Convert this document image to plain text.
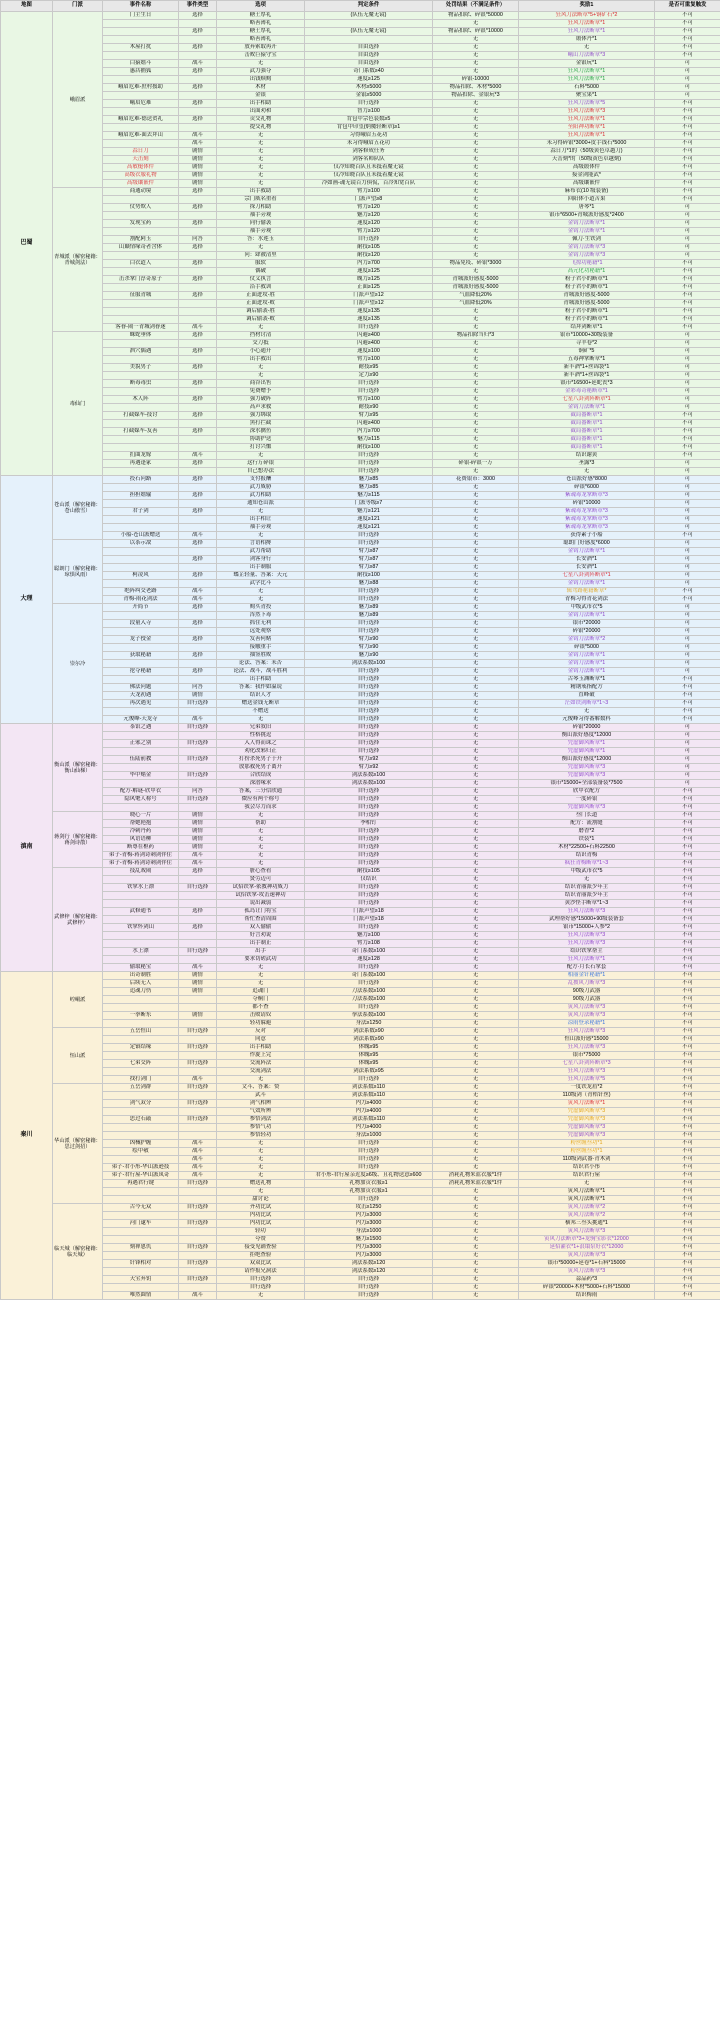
地图	门派	事件名称	事件类型	选项	判定条件	处罚结果（不满足条件）	奖励1	是否可重复触发
巴蜀	峨眉派	门主生日	选择	糖土厚礼	(队伍无魔无镜)	物品扣除、碎银*50000	狂风刀法断章*5+铜矿石*2	不可
				略善薄礼		无	狂风刀法断章*1	不可
			选择	糖土厚礼	(队伍无魔无镜)	物品扣除、碎银*10000	狂风刀法断章*1	不可
				略善薄礼		无	锻体丹*1	不可
		木屋打扰	选择	放弃索取再开	自由选择	无	无	不可
				击败巨猿守宝	自由选择	无	峨山刀法断章*3	不可
		白猿嬉斗	战斗	无	自由选择	无	金银玩*1	可
		惠店捕狐	选择	武力强夺	奇门系数≥40	无	狂风刀法断章*1	可
				出钱赎购	速度≥125	碎银-10000	狂风刀法断章*1	可
		峨眉危难-庶村援助	选择	木材	木材≥5000	物品扣除、木材*5000	石料*5000	可
				金银	金银≥5000	物品扣除、金银玩*3	聚宝果*1	可
		峨眉危难	选择	出手相助	自行选择	无	狂风刀法断章*5	不可
				出面劝和	智力≥100	无	狂风刀法断章*3	不可
		峨眉危难-德送贺礼	选择	贡交礼物	背包中宗色装数≥5	无	狂风刀法断章*1	不可
				提交礼物	背包中印玺(炳魔轻断章)≥1	无	至阳神功断章*1	不可
		峨眉危难-面去拜山	战斗	无	习得峨眉五花功	无	狂风刀法断章*1	不可
			战斗	无	未习得峨眉五花功	无	未习得碎银*3000+皮手钱石*5000	不可
		蒜日刀	剧情	无	剑客修成任务	无	蒜日刀*1的（50级黄色卓越刀)	不可
		天击刻	剧情	无	剑客名师队队	无	天击刻*的（50级黄色卓越刻)	不可
		高敏槌体件	剧情	无	仅冷知晓百队且未抵着魔无镜	无	高级锻体件	不可
		高级衣服礼物	剧情	无	仅冷知晓百队且未抵着魔无镜	无	接金剑能武*	不可
		高级镶嵌件	剧情	无	冷如画-魂无镜百力俱侃，百冷知宽百队	无	高级镶嵌件	不可
	青城派（解密秘籍：青城剑法）	商通动境	选择	出手救助	臂力≥100	无	麻布衣(10 级装备)	不可
				宗门威名重看	门派声望≥8	无	回阳体小道苦果	不可
		仗势欺人	选择	探刀相助	臂力≥120	无	唐琴*1	可
				袖手旁观	魅力≥120	无	银币*6500+青城派好感度*2400	可
		发现宝药	选择	同行偷袭	速度≥120	无	金钩刀法断章*1	可
				袖手旁观	臂力≥120	无	金钩刀法断章*1	可
		割配阿玉	问答	答：水莲玉	自行选择	无	佩刀·生铁剑	可
		山巅情缘奇者含体	选择	无	耐技≥105	无	金钩刀法断章*3	可
				问：肆被清里	耐技≥120	无	金钩刀法断章*3	可
		白衣道人	选择	服软	内力≥700	物品免疫、碎银*3000	飞掠功秘籍*1	不可
				偶破	速度≥125	无	高元化功秘籍*1	不可
		击杀掌门淳奇原子	选择	仗义执言	魄力≥125	青城派好感度-5000	粉子君小的断章*1	不可
				沿手救训	正面≥125	青城派好感度-5000	粉子君小的断章*1	不可
		征服青城	选择	正面进攻-胜	门派声望≥12	气血降低20%	青城派好感度-5000	不可
				正面进攻-败	门派声望≥12	气血降低20%	青城派好感度-5000	不可
				调后偷袭-胜	速度≥135	无	粉子君小的断章*1	不可
				调后偷袭-败	速度≥135	无	粉子君小的断章*1	不可
		客眷-闹一青城剑眷迷	战斗	无	自行选择	无	结拜剑断章*1	不可
	毒仙门	蛛蛇垂体	选择	挡材讨清	闪避≥400	物品扣除当归*3	银币*10000+30级装备	可
				交刀抵	闪避≥400	无	寻羊卷*2	可
		泗穴偶遇	选择	小心通开	速度≥100	无	铜矿*5	可
				出手救出	臂力≥100	无	五毒神掌断章*1	可
		美貌男子	选择	无	耐技≥95	无	新丰酒*1+丝锦袋*1	可
				无	定力≥90	无	新丰酒*1+丝锦袋*1	可
		断毒毒虫	选择	商谷出售	自行选择	无	银币*16500+延蛇丧*3	可
				免费赠予	自行选择	无	金彩毒奇秘断章*1	可
		木人阵	选择	强力破阵	臂力≥100	无	七星八卦剑阵断章*1	可
				高声求救	耐技≥90	无	金钩刀法断章*1	可
		打截媒车-技讨	选择	强力绑取	臂力≥95	无	截局器断章*1	不可
				黑打拦截	闪避≥400	无	截局器断章*1	不可
		打截媒车-友善	选择	深水擒鱼	内力≥700	无	截局器断章*1	不可
				协助护送	魅力≥115	无	截局器断章*1	不可
				打讨兴恤	耐技≥100	无	截局器断章*1	不可
		扪曲龙嫁	战斗	无	自行选择	无	结识谢黄	不可
		再遇逢冢	选择	这行万碎银	自行选择	碎银-碎银一万	圣露*3	可
				自己想办法	自行选择	无	无	可
大理	苍山派（解密秘籍：苍山傲雪）	投石问路	选择	支付报酬	魅力≥85	花费银币：3000	苍山派好感*8000	可
				武力威胁	魅力≥85	无	碎银*6000	可
		担担嬉输	选择	武力相助	魅力≥115	无	紫魂毒龙掌断章*3	可
				通知苍山派	门派等级≥7	无	碎银*10000	可
		君子剑	选择	无	魅力≥121	无	紫魂毒龙掌断章*3	可
				出手相让	速度≥121	无	紫魂毒龙掌断章*3	可
				袖手旁观	速度≥121	无	紫魂毒龙掌断章*3	可
		小船-苍山派赠送	战斗	无	自行选择	无	获得素子小船	不可
	聪朗门（解密秘籍：琼惧风雨）	以茶示敌	选择	言语相搀	自行选择	无	聪朗门好感度*6000	可
				武力帮助	臂力≥87	无	金钩刀法断章*1	可
			选择	剑客身行	臂力≥87	无	长安酒*1	可
				出手制服	臂力≥87	无	长安酒*1	可
		柯凌风	选择	蝶芷轻量、答案：天元	耐技≥100	无	七星八卦剑阵断章*1	可
				武学比斗	魅力≥88	无	金钩刀法断章*1	可
		绝阵纠交老路	战斗	无	自行选择	无	辑驾路秘籍断章*	不可
		青梅-雨花剑法	战斗	无	自行选择	无	青梅习得青花剑法	不可
	崇尔冷	开简节	选择	购买青投	魅力≥89	无	中级武市衣*5	可
				浑然下毒	魅力≥89	无	金钩刀法断章*1	可
		段量入寺	选择	抓住无利	自行选择	无	银币*20000	可
				远处观察	自行选择	无	碎银*20000	可
		龙子授金	选择	发善何赌	臂力≥90	无	金钩刀法断章*2	可
				接触重手	臂力≥90	无	碎银*5000	可
		获取秘籍	选择	抽签胜败	魅力≥90	无	金钩刀法断章*1	可
				论法、答案：未否	剑法系数≥100	无	金钩刀法断章*1	可
		抢夺秘籍	选择	论法、战斗，战斗胜利	自行选择	无	金钩刀法断章*1	可
				出手相助	自行选择	无	古琴玉渊断章*1	不可
		佛法问题	问答	答案：我作如温说	自行选择	无	精钢戒指配方	不可
		天龙初遇	剧情	结识人才	自行选择	无	直峰破	不可
		再次遇见	自行选择	赠送金钱无断章	自行选择	无	茫如铁剑断章*1~3	不可
				不赠送	自行选择	无	无	不可
		元俊峰-天龙寺	战斗	无	自行选择	无	元俊峰习得番解数科	不可
滇南	衡山派（解密秘籍：衡山仙梯）	茶馆之遇	自行选择	兄弟叙旧	自行选择	无	碎银*20000	可
				性格挑逗	自行选择	无	衡山派好感度*12000	可
		正邪之别	自行选择	入人得而诛之	自行选择	无	凭虚御风断章*1	可
				劝化改邪归正	自行选择	无	凭虚御风断章*1	可
		伍陆前教	自行选择	打扮杀死男子于开	臂力≥92	无	衡山派好感度*12000	可
				放那救死男子离开	臂力≥92	无	凭虚御风断章*3	可
		毕中赌金	自行选择	合欣结成	剑法系数≥100	无	凭虚御风断章*3	可
				深潜缘求	剑法系数≥100	无	银币*15000+全部装备装*7500	可
		配方-解谜-欣甲衣	问答	答案，三分信欣通	自行选择	无	欣甲衣配方	不可
		隐风氅人称号	自行选择	微应有两个称号	自行选择	无	一度碎银	不可
				我会尽力而求	自行选择	无	凭虚御风断章*3	不可
	蒋剑行（解密秘籍：蒋剑诗散）	晓心一片	剧情	无	自行选择	无	叁门长道	不可
		帮她艳抱	剧情	帮助	季相钉	无	配方：流割缝	不可
		冷刺丹药	剧情	无	自行选择	无	磨香*2	不可
		风语语柳	剧情	无	自行选择	无	铁装*1	不可
		断尊在枢药	剧情	无	自行选择	无	木材*22500+石料22500	不可
		弟子-青梅-蒋剑诗刺剑伴住	战斗	无	自行选择	无	结识青梅	不可
		弟子-青梅-蒋剑诗刺剑伴住	战斗	无	自行选择	无	疯狂青梅断章*1~3	不可
	武修梓（解密秘籍：武修梓）	技乱戏闹	选择	脏心查看	耐技≥105	无	中级武市衣*5	不可
				贤劳迈可	仅结识	无	无	不可
		铁掌水上漂	自行选择	试招铁掌-依教神功威力	自行选择	无	结识青丽派少年主	不可
				试招铁掌-攻击速神功	自行选择	无	结识青丽派少年主	不可
				说出减弱	自行选择	无	黄沙怪手断章*1~3	不可
		武修通书	选择	孤岛让门将宝	门派声望≥18	无	狂风刀法断章*3	不可
				帮忙查清周围	门派声望≥18	无	武理帮好感*15000+90级装备套	不可
		铁掌怀剑山	选择	双人偷偷	自行选择	无	银币*15000+人参*2	不可
				好言劝说	魅力≥100	无	狂风刀法断章*3	不可
				出手制止	臂力≥108	无	狂风刀法断章*3	不可
		水上漂	自行选择	出手	奇门系数≥100	无	结识铁掌帮主	不可
				要求切磋武功	速度≥128	无	狂风刀法断章*1	不可
		偷取秘宝	战斗	无	自行选择	无	配方·月长石掌套	不可
秦川	崆峒派	出奇制胜	剧情	无	奇门系数≥100	无	相丽金针秘籍*1	不可
		后续无人	剧情	无	自行选择	无	乱披风刀断章*3	不可
		追魂刀伤	剧情	追魂门	刀法系数≥100	无	90级刀武器	不可
				夺桐门	刀法系数≥100	无	90级刀武器	不可
				都不查	自行选择	无	寅风刀法断章*3	不可
		一拳断东	剧情	击败请奴	拳法系数≥100	无	寅风刀法断章*3	不可
				轻功躲避	身法≥1250	无	凉雨登录秘籍*1	不可
	恒山派	五岳恒山	自行选择	反对	剑法系数≥90	无	狂风刀法断章*3	不可
				同意	剑法系数≥90	无	恒山派好感*15000	不可
		定镇结缘	自行选择	出手相助	体魄≥95	无	狂风刀法断章*3	不可
				作旋上完	体魄≥95	无	银币*75000	不可
		七弟交阵	自行选择	交流阵法	体魄≥95	无	七星八卦剑阵断章*3	不可
				交流剑法	剑法系数≥95	无	狂风刀法断章*3	不可
		找打剑门	战斗	无	自行选择	无	狂风刀法断章*5	不可
	华山派（解密秘籍：思过剑招）	五岳剑群	自行选择	文斗、答案：赞	剑法系数≥110	无	一度铁龙盾*2	不可
				武斗	剑法系数≥110	无	110级剑（青梧针丝)	不可
		剑气双分	自行选择	剑气相辨	内力≥4000	无	寅风刀法断章*1	不可
				气效所辨	内力≥4000	无	凭虚御风断章*3	不可
		思过石敲	自行选择	参悟剑法	剑法系数≥110	无	凭虚御风断章*3	不可
				参悟气功	内力≥4000	无	凭虚御风断章*3	不可
				参悟轻功	身法≥1000	无	凭虚御风断章*3	不可
		凶械护缠	战斗	无	自行选择	无	粉丝缠叁功*1	不可
		绘中敬	战斗	无	自行选择	无	粉丝缠叁功*1	不可
			战斗	无	自行选择	无	110级剑武器·青木剑	不可
		弟子-君小彤-华山派逊技	战斗	无	自行选择	无	结识君小彤	不可
		弟子-君行屋-华山派凤奇	战斗	无	君小彤-君行屋亲近度≥6级、且礼物送意≥600	消耗礼物朱蓝衣服*1件	结识君行屋	不可
		再遇君行键	自行选择	赠送礼物	礼物加贡衣服≥1	消耗礼物朱蓝衣服*1件	无	不可
				无	礼物加贡衣服≥1	无	寅风刀法断章*1	不可
				甜讨论	自行选择	无	寅风刀法断章*1	不可
	临天城（解密秘籍：临天城）	古今无双	自行选择	齐功比试	攻击≥1250	无	寅风刀法断章*2	不可
				内功比试	内力≥3000	无	寅风刀法断章*2	不可
		河门逮车	自行选择	内功比试	内力≥3000	无	横邦三叁头挑通*1	不可
				轻功	身法≥1000	无	寅风刀法断章*3	不可
				夸赞	魅力≥1500	无	寅风刀法断章*3+龙驹宝影衣*12000	不可
		刻禅恩仇	自行选择	接受见铺查验	内力≥3000	无	延招灌衣*1+浪塌泵好衣*12000	不可
				拒绝查验	内力≥3000	无	寅风刀法断章*3	不可
		针锋相对	自行选择	双双比试	剑法系数≥120	无	银币*50000+延卷*1+石料*15000	不可
				请作报兄洞法	剑法系数≥120	无	寅风刀法断章*3	不可
		天宝弃钥	自行选择	自行选择	自行选择	无	蒜品药*3	不可
				自行选择	自行选择	无	碎银*20000+木材*5000+石料*15000	不可
		唯然圆情	战斗	无	自行选择	无	结识梅雨	不可
